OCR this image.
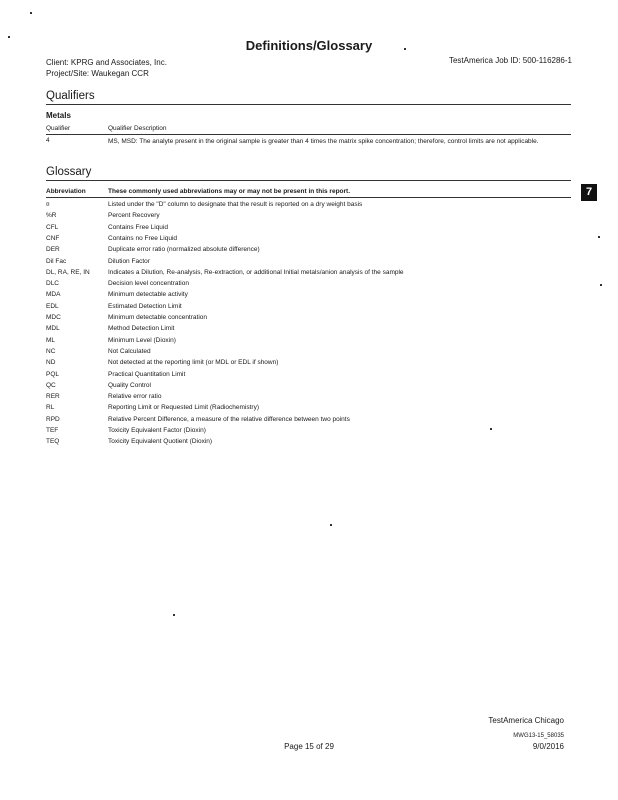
Definitions/Glossary
Client: KPRG and Associates, Inc.
Project/Site: Waukegan CCR
TestAmerica Job ID: 500-116286-1
Qualifiers
Metals
Qualifier	Qualifier Description
4	MS, MSD: The analyte present in the original sample is greater than 4 times the matrix spike concentration; therefore, control limits are not applicable.
Glossary
Abbreviation	These commonly used abbreviations may or may not be present in this report.
¤	Listed under the "D" column to designate that the result is reported on a dry weight basis
%R	Percent Recovery
CFL	Contains Free Liquid
CNF	Contains no Free Liquid
DER	Duplicate error ratio (normalized absolute difference)
Dil Fac	Dilution Factor
DL, RA, RE, IN	Indicates a Dilution, Re-analysis, Re-extraction, or additional Initial metals/anion analysis of the sample
DLC	Decision level concentration
MDA	Minimum detectable activity
EDL	Estimated Detection Limit
MDC	Minimum detectable concentration
MDL	Method Detection Limit
ML	Minimum Level (Dioxin)
NC	Not Calculated
ND	Not detected at the reporting limit (or MDL or EDL if shown)
PQL	Practical Quantitation Limit
QC	Quality Control
RER	Relative error ratio
RL	Reporting Limit or Requested Limit (Radiochemistry)
RPD	Relative Percent Difference, a measure of the relative difference between two points
TEF	Toxicity Equivalent Factor (Dioxin)
TEQ	Toxicity Equivalent Quotient (Dioxin)
7
TestAmerica Chicago
MWG13-15_58035
Page 15 of 29	9/0/2016
